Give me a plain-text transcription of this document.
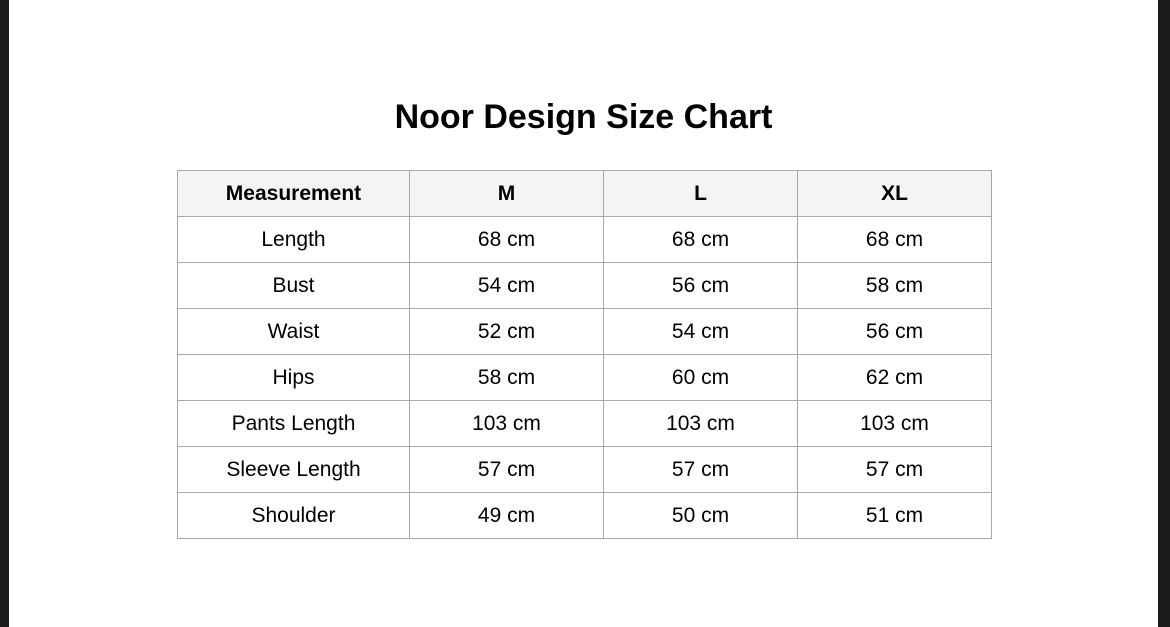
Noor Design Size Chart
Measurement	M	L	XL
Length	68 cm	68 cm	68 cm
Bust	54 cm	56 cm	58 cm
Waist	52 cm	54 cm	56 cm
Hips	58 cm	60 cm	62 cm
Pants Length	103 cm	103 cm	103 cm
Sleeve Length	57 cm	57 cm	57 cm
Shoulder	49 cm	50 cm	51 cm
